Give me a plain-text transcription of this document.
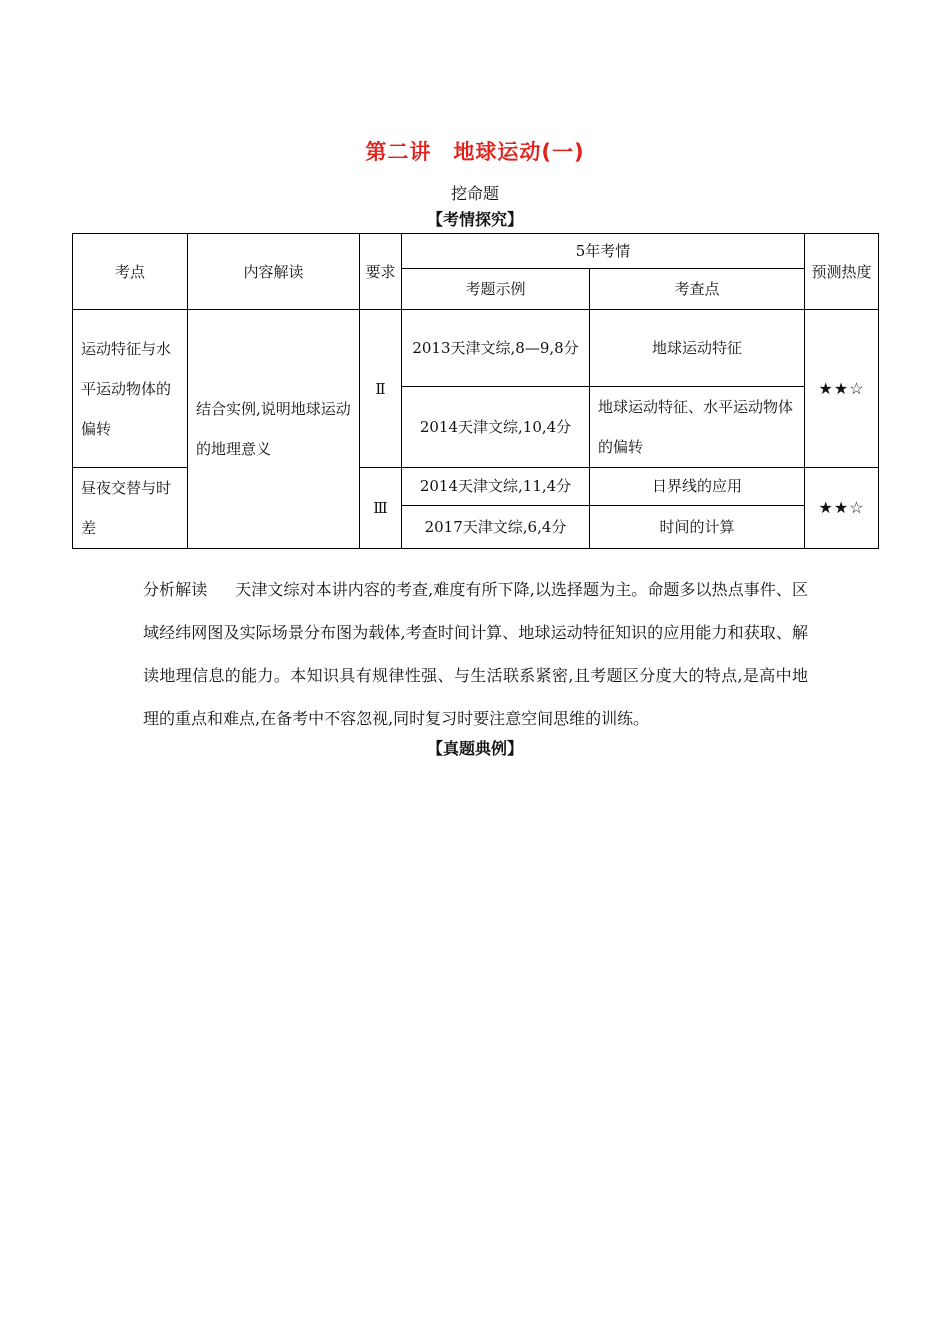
第二讲　地球运动(一)
挖命题
【考情探究】
考点	内容解读	要求	5年考情		预测热度
			考题示例	考查点	
运动特征与水平运动物体的偏转	结合实例,说明地球运动的地理意义	Ⅱ	2013天津文综,8—9,8分	地球运动特征	★★☆
			2014天津文综,10,4分	地球运动特征、水平运动物体的偏转	
昼夜交替与时差		Ⅲ	2014天津文综,11,4分	日界线的应用	★★☆
			2017天津文综,6,4分	时间的计算	
分析解读 天津文综对本讲内容的考查,难度有所下降,以选择题为主。命题多以热点事件、区域经纬网图及实际场景分布图为载体,考查时间计算、地球运动特征知识的应用能力和获取、解读地理信息的能力。本知识具有规律性强、与生活联系紧密,且考题区分度大的特点,是高中地理的重点和难点,在备考中不容忽视,同时复习时要注意空间思维的训练。
【真题典例】
